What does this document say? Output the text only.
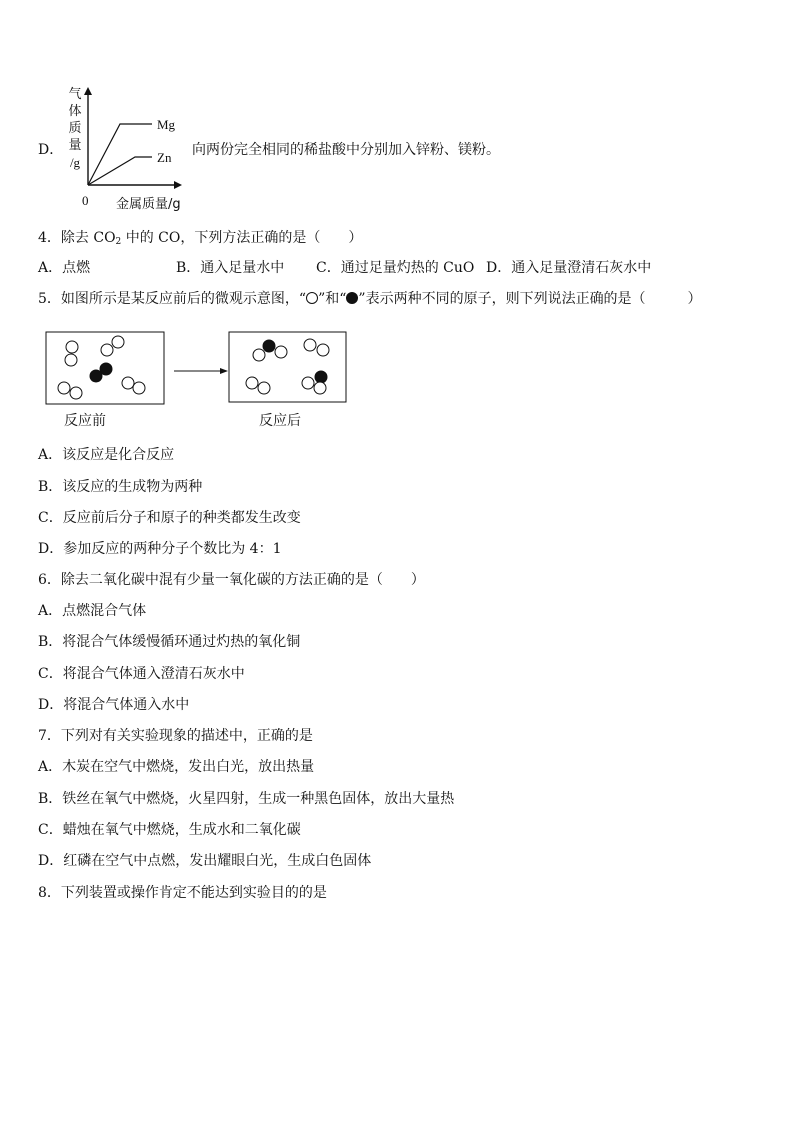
D．
气
体
质
量
/g
Mg
Zn
0 金属质量/g
向两份完全相同的稀盐酸中分别加入锌粉、镁粉。
4．除去 $CO_2$ 中的 CO，下列方法正确的是（　　）
A．点燃	B．通入足量水中 C．通过足量灼热的 CuO D．通入足量澄清石灰水中
5．如图所示是某反应前后的微观示意图，“ ”和“ ”表示两种不同的原子，则下列说法正确的是（　　　）
反应前	反应后
A．该反应是化合反应
B．该反应的生成物为两种
C．反应前后分子和原子的种类都发生改变
D．参加反应的两种分子个数比为 4：1
6．除去二氧化碳中混有少量一氧化碳的方法正确的是（　　）
A．点燃混合气体
B．将混合气体缓慢循环通过灼热的氧化铜
C．将混合气体通入澄清石灰水中
D．将混合气体通入水中
7．下列对有关实验现象的描述中，正确的是
A．木炭在空气中燃烧，发出白光，放出热量
B．铁丝在氧气中燃烧，火星四射，生成一种黑色固体，放出大量热
C．蜡烛在氧气中燃烧，生成水和二氧化碳
D．红磷在空气中点燃，发出耀眼白光，生成白色固体
8．下列装置或操作肯定不能达到实验目的的是
